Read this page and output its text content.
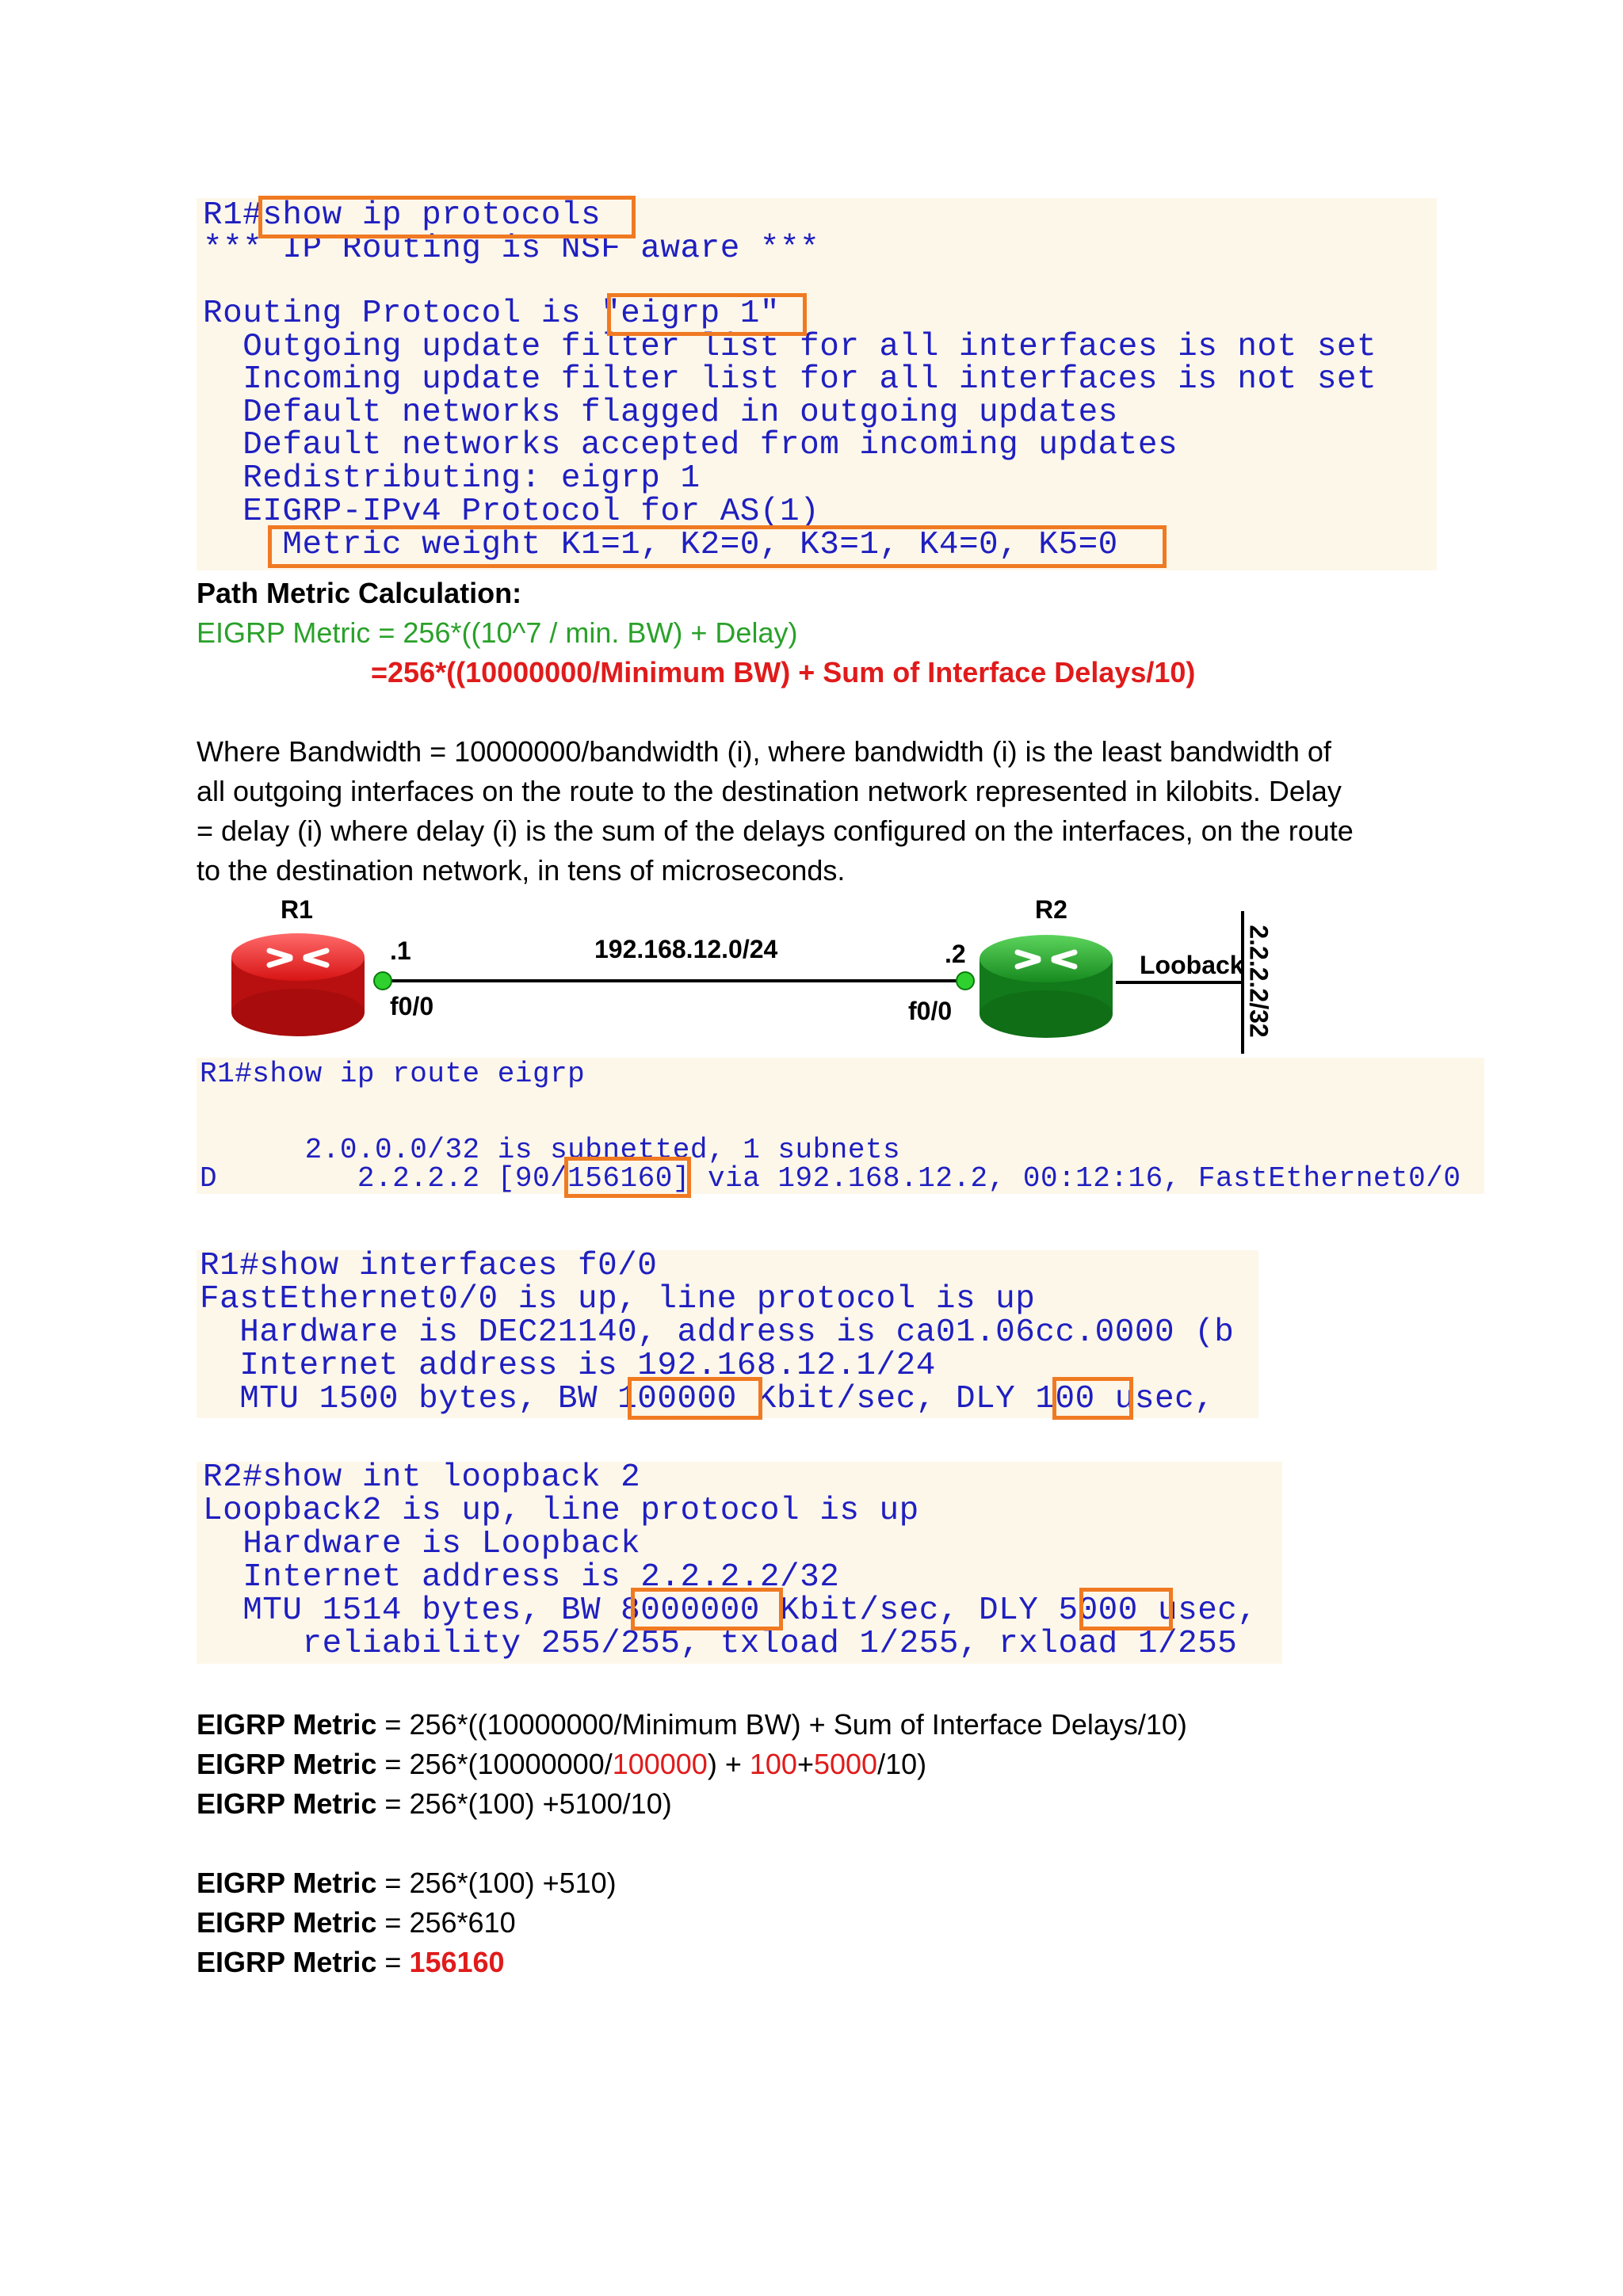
R1#show ip protocols

*** IP Routing is NSF aware ***

Routing Protocol is "eigrp 1"

Outgoing update filter list for all interfaces is not set

Incoming update filter list for all interfaces is not set

Default networks flagged in outgoing updates

Default networks accepted from incoming updates

Redistributing: eigrp 1

EIGRP-IPv4 Protocol for AS(1)

Metric weight K1=1, K2=0, K3=1, K4=0, K5=0

Path Metric Calculation:
EIGRP Metric = 256*((10^7 / min. BW) + Delay)
=256*((10000000/Minimum BW) + Sum of Interface Delays/10)
Where Bandwidth = 10000000/bandwidth (i), where bandwidth (i) is the least bandwidth of
all outgoing interfaces on the route to the destination network represented in kilobits. Delay
= delay (i) where delay (i) is the sum of the delays configured on the interfaces, on the route
to the destination network, in tens of microseconds.
R1	R2
.1	.2
192.168.12.0/24
f0/0	f0/0
Looback 2.2.2.2/32

R1#show ip route eigrp

2.0.0.0/32 is subnetted, 1 subnets

D        2.2.2.2 [90/156160] via 192.168.12.2, 00:12:16, FastEthernet0/0

R1#show interfaces f0/0

FastEthernet0/0 is up, line protocol is up

Hardware is DEC21140, address is ca01.06cc.0000 (b

Internet address is 192.168.12.1/24

MTU 1500 bytes, BW 100000 Kbit/sec, DLY 100 usec,

R2#show int loopback 2

Loopback2 is up, line protocol is up

Hardware is Loopback

Internet address is 2.2.2.2/32

MTU 1514 bytes, BW 8000000 Kbit/sec, DLY 5000 usec,

reliability 255/255, txload 1/255, rxload 1/255

EIGRP Metric = 256*((10000000/Minimum BW) + Sum of Interface Delays/10)
EIGRP Metric = 256*(10000000/100000) + 100+5000/10)
EIGRP Metric = 256*(100) +5100/10)
EIGRP Metric = 256*(100) +510)
EIGRP Metric = 256*610
EIGRP Metric = 156160
